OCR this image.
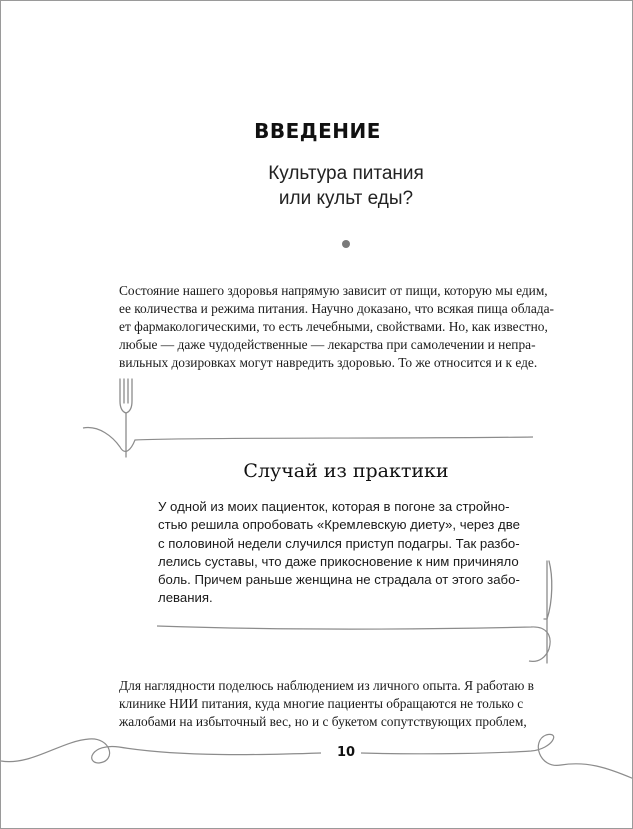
ВВЕДЕНИЕ
Культура питания
или культ еды?
Состояние нашего здоровья напрямую зависит от пищи, которую мы едим,
ее количества и режима питания. Научно доказано, что всякая пища облада-
ет фармакологическими, то есть лечебными, свойствами. Но, как известно,
любые — даже чудодейственные — лекарства при самолечении и непра-
вильных дозировках могут навредить здоровью. То же относится и к еде.
Случай из практики
У одной из моих пациенток, которая в погоне за стройно-
стью решила опробовать «Кремлевскую диету», через две
с половиной недели случился приступ подагры. Так разбо-
лелись суставы, что даже прикосновение к ним причиняло
боль. Причем раньше женщина не страдала от этого забо-
левания.
Для наглядности поделюсь наблюдением из личного опыта. Я работаю в
клинике НИИ питания, куда многие пациенты обращаются не только с
жалобами на избыточный вес, но и с букетом сопутствующих проблем,
10
